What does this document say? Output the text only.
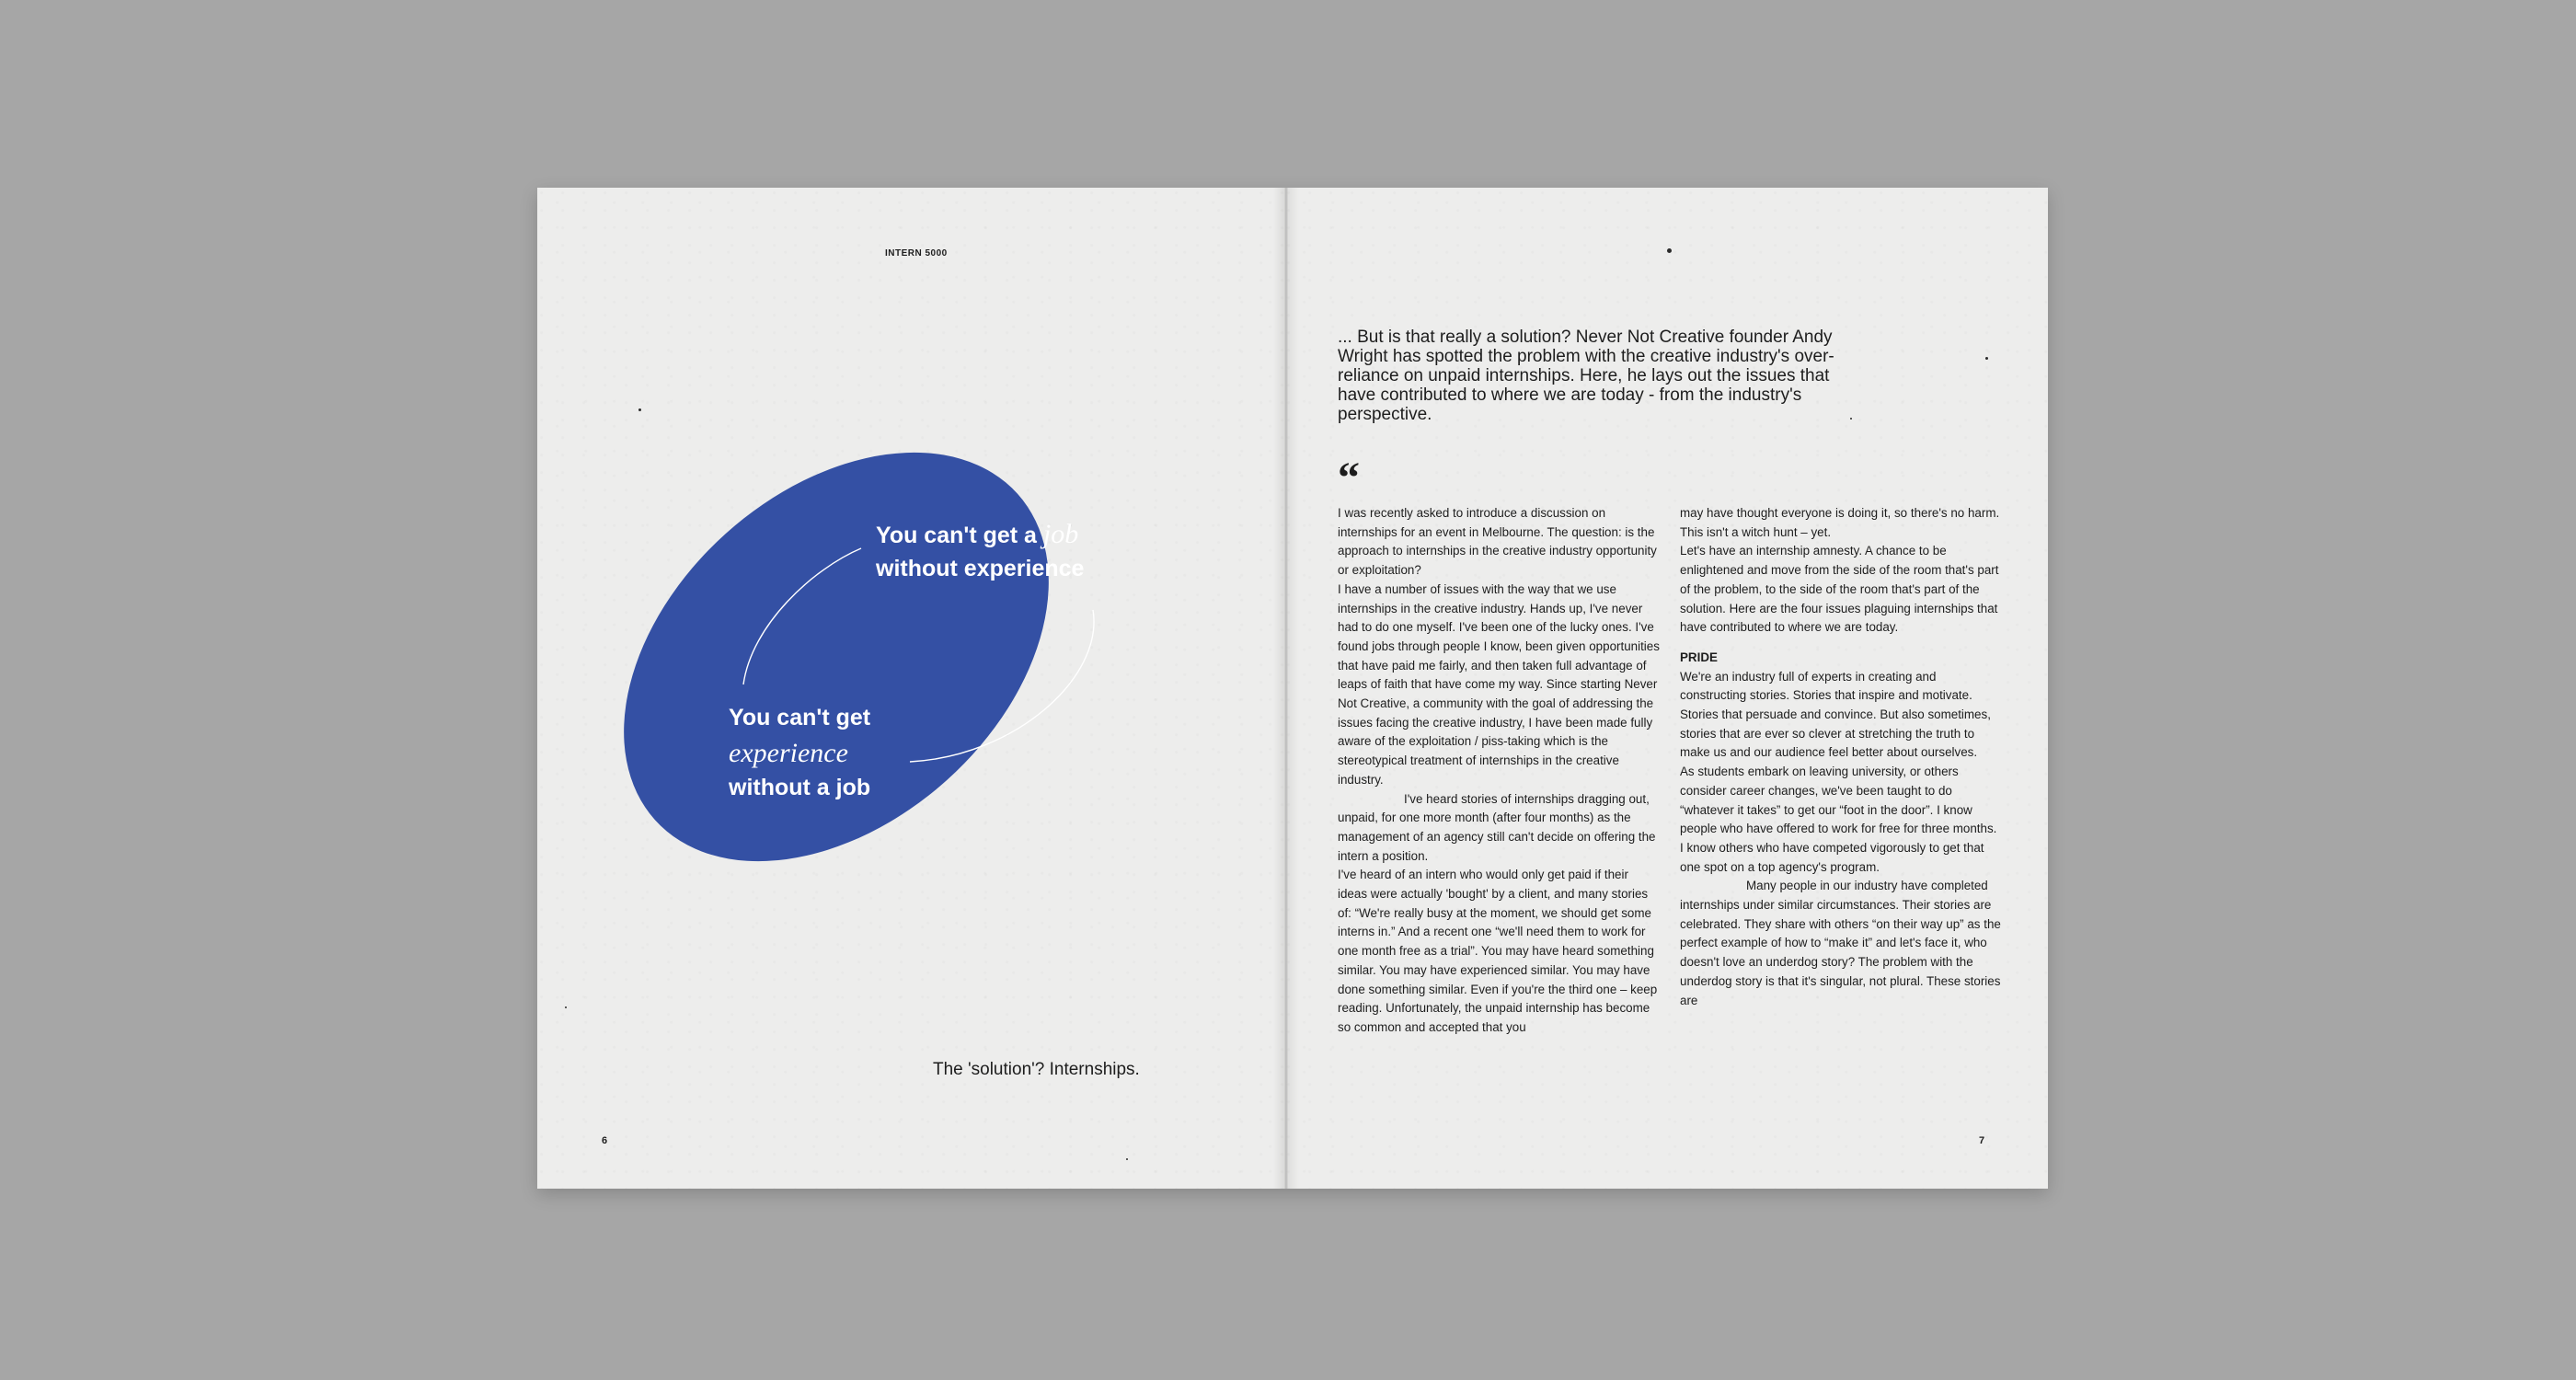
INTERN 5000

You can't get a job

without experience

You can't get

experience

without a job

The 'solution'? Internships.

6

... But is that really a solution? Never Not Creative founder Andy Wright has spotted the problem with the creative industry's over-reliance on unpaid internships. Here, he lays out the issues that have contributed to where we are today - from the industry's perspective.

“

I was recently asked to introduce a discussion on internships for an event in Melbourne. The question: is the approach to internships in the creative industry opportunity or exploitation?

I have a number of issues with the way that we use internships in the creative industry. Hands up, I've never had to do one myself. I've been one of the lucky ones. I've found jobs through people I know, been given opportunities that have paid me fairly, and then taken full advantage of leaps of faith that have come my way. Since starting Never Not Creative, a community with the goal of addressing the issues facing the creative industry, I have been made fully aware of the exploitation / piss-taking which is the stereotypical treatment of internships in the creative industry.

I've heard stories of internships dragging out, unpaid, for one more month (after four months) as the management of an agency still can't decide on offering the intern a position.

I've heard of an intern who would only get paid if their ideas were actually 'bought' by a client, and many stories of: “We're really busy at the moment, we should get some interns in.” And a recent one “we'll need them to work for one month free as a trial”. You may have heard something similar. You may have experienced similar. You may have done something similar. Even if you're the third one – keep reading. Unfortunately, the unpaid internship has become so common and accepted that you

may have thought everyone is doing it, so there's no harm. This isn't a witch hunt – yet.

Let's have an internship amnesty. A chance to be enlightened and move from the side of the room that's part of the problem, to the side of the room that's part of the solution. Here are the four issues plaguing internships that have contributed to where we are today.

PRIDE

We're an industry full of experts in creating and constructing stories. Stories that inspire and motivate. Stories that persuade and convince. But also sometimes, stories that are ever so clever at stretching the truth to make us and our audience feel better about ourselves.

As students embark on leaving university, or others consider career changes, we've been taught to do “whatever it takes” to get our “foot in the door”. I know people who have offered to work for free for three months. I know others who have competed vigorously to get that one spot on a top agency's program.

Many people in our industry have completed internships under similar circumstances. Their stories are celebrated. They share with others “on their way up” as the perfect example of how to “make it” and let's face it, who doesn't love an underdog story? The problem with the underdog story is that it's singular, not plural. These stories are

7
